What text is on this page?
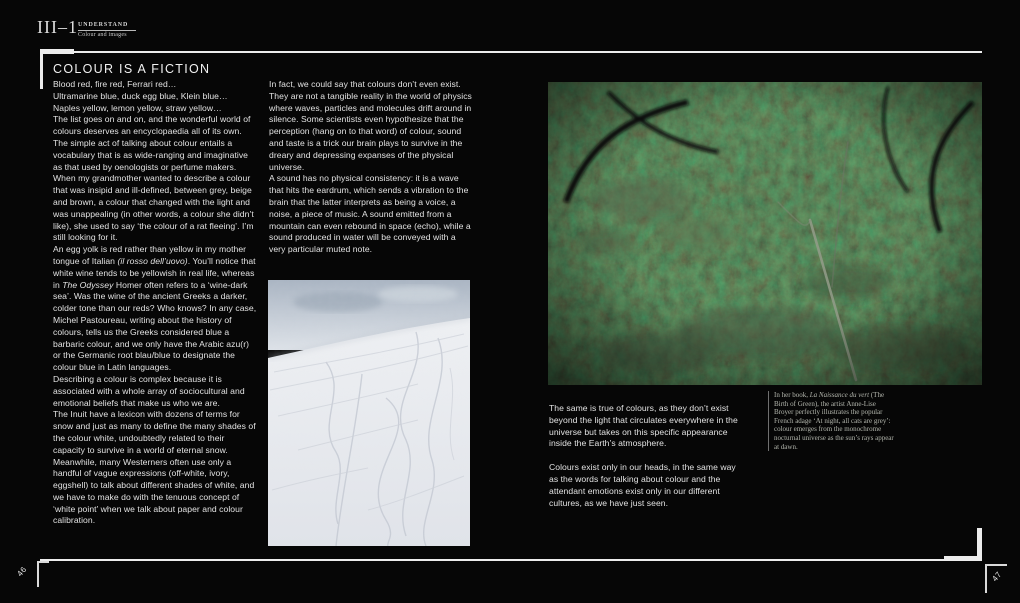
III–1 UNDERSTAND
Colour and images
46	47
COLOUR IS A FICTION

Blood red, fire red, Ferrari red…

Ultramarine blue, duck egg blue, Klein blue…

Naples yellow, lemon yellow, straw yellow…

The list goes on and on, and the wonderful world of colours deserves an encyclopaedia all of its own.

The simple act of talking about colour entails a vocabulary that is as wide-ranging and imaginative as that used by oenologists or perfume makers.

When my grandmother wanted to describe a colour that was insipid and ill-defined, between grey, beige and brown, a colour that changed with the light and was unappealing (in other words, a colour she didn’t like), she used to say ‘the colour of a rat fleeing’. I’m still looking for it.

An egg yolk is red rather than yellow in my mother tongue of Italian (il rosso dell’uovo). You’ll notice that white wine tends to be yellowish in real life, whereas in The Odyssey Homer often refers to a ‘wine-dark sea’. Was the wine of the ancient Greeks a darker, colder tone than our reds? Who knows? In any case, Michel Pastoureau, writing about the history of colours, tells us the Greeks considered blue a barbaric colour, and we only have the Arabic azu(r) or the Germanic root blau/blue to designate the colour blue in Latin languages.

Describing a colour is complex because it is associated with a whole array of sociocultural and emotional beliefs that make us who we are.

The Inuit have a lexicon with dozens of terms for snow and just as many to define the many shades of the colour white, undoubtedly related to their capacity to survive in a world of eternal snow. Meanwhile, many Westerners often use only a handful of vague expressions (off-white, ivory, eggshell) to talk about different shades of white, and we have to make do with the tenuous concept of ‘white point’ when we talk about paper and colour calibration.

In fact, we could say that colours don’t even exist. They are not a tangible reality in the world of physics where waves, particles and molecules drift around in silence. Some scientists even hypothesize that the perception (hang on to that word) of colour, sound and taste is a trick our brain plays to survive in the dreary and depressing expanses of the physical universe.

A sound has no physical consistency: it is a wave that hits the eardrum, which sends a vibration to the brain that the latter interprets as being a voice, a noise, a piece of music. A sound emitted from a mountain can even rebound in space (echo), while a sound produced in water will be conveyed with a very particular muted note.

The same is true of colours, as they don’t exist beyond the light that circulates everywhere in the universe but takes on this specific appearance inside the Earth’s atmosphere.

Colours exist only in our heads, in the same way as the words for talking about colour and the attendant emotions exist only in our different cultures, as we have just seen.

In her book, La Naissance du vert (The Birth of Green), the artist Anne-Lise Broyer perfectly illustrates the popular French adage ‘At night, all cats are grey’: colour emerges from the monochrome nocturnal universe as the sun’s rays appear at dawn.
